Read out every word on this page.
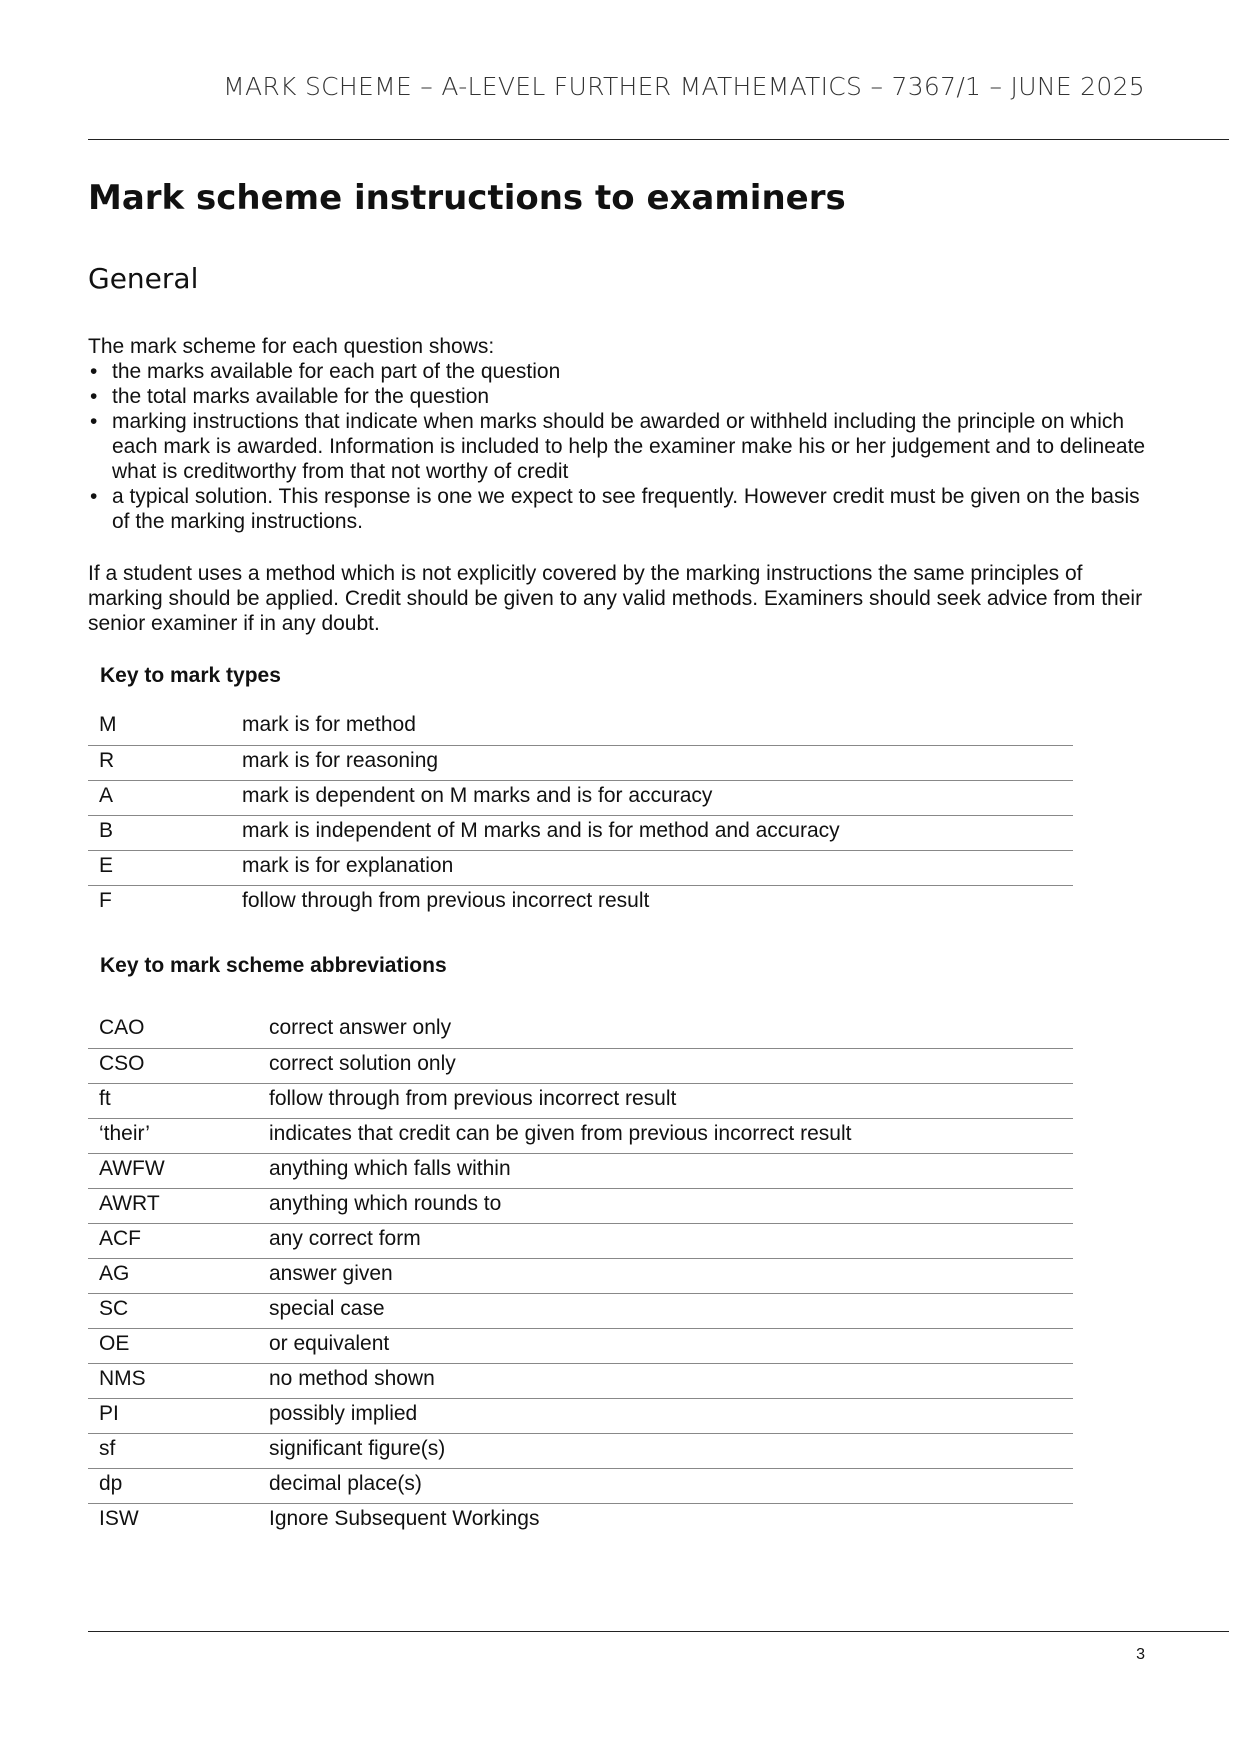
MARK SCHEME – A-LEVEL FURTHER MATHEMATICS – 7367/1 – JUNE 2025
Mark scheme instructions to examiners
General

The mark scheme for each question shows:

• the marks available for each part of the question
• the total marks available for the question
• marking instructions that indicate when marks should be awarded or withheld including the principle on which each mark is awarded. Information is included to help the examiner make his or her judgement and to delineate what is creditworthy from that not worthy of credit
• a typical solution. This response is one we expect to see frequently. However credit must be given on the basis of the marking instructions.

If a student uses a method which is not explicitly covered by the marking instructions the same principles of marking should be applied. Credit should be given to any valid methods. Examiners should seek advice from their senior examiner if in any doubt.

Key to mark types
M	mark is for method
R	mark is for reasoning
A	mark is dependent on M marks and is for accuracy
B	mark is independent of M marks and is for method and accuracy
E	mark is for explanation
F	follow through from previous incorrect result
Key to mark scheme abbreviations
CAO	correct answer only
CSO	correct solution only
ft	follow through from previous incorrect result
‘their’	indicates that credit can be given from previous incorrect result
AWFW	anything which falls within
AWRT	anything which rounds to
ACF	any correct form
AG	answer given
SC	special case
OE	or equivalent
NMS	no method shown
PI	possibly implied
sf	significant figure(s)
dp	decimal place(s)
ISW	Ignore Subsequent Workings
3
